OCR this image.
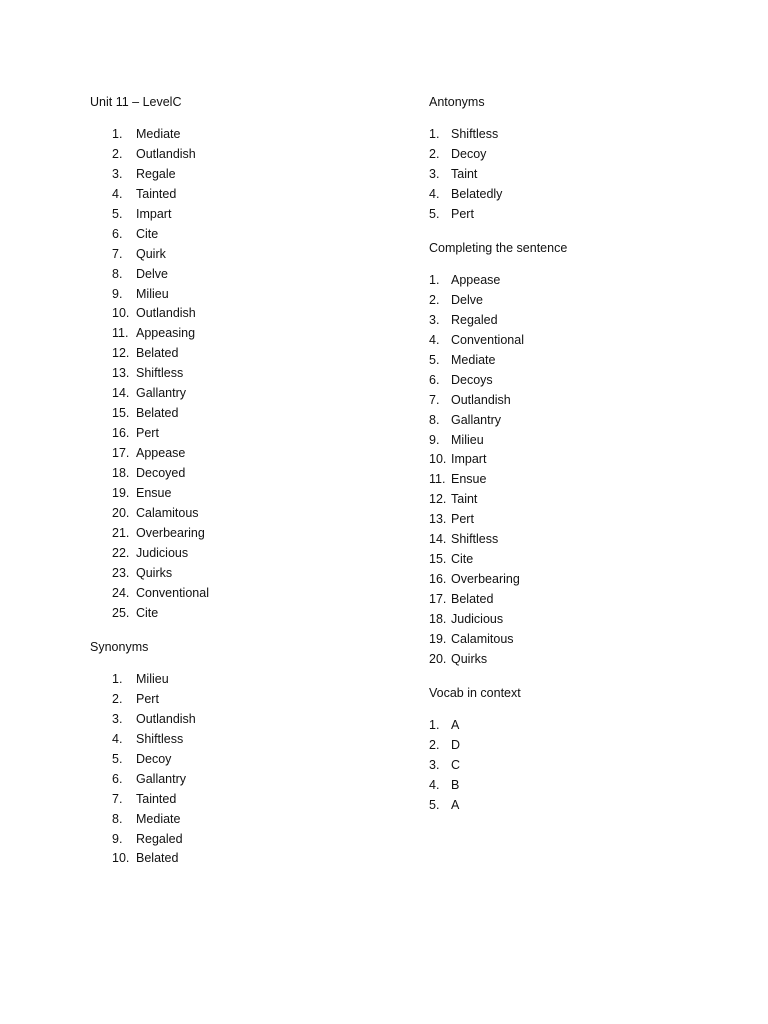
Unit 11 – LevelC
1. Mediate
2. Outlandish
3. Regale
4. Tainted
5. Impart
6. Cite
7. Quirk
8. Delve
9. Milieu
10. Outlandish
11. Appeasing
12. Belated
13. Shiftless
14. Gallantry
15. Belated
16. Pert
17. Appease
18. Decoyed
19. Ensue
20. Calamitous
21. Overbearing
22. Judicious
23. Quirks
24. Conventional
25. Cite
Synonyms
1. Milieu
2. Pert
3. Outlandish
4. Shiftless
5. Decoy
6. Gallantry
7. Tainted
8. Mediate
9. Regaled
10. Belated
Antonyms
1. Shiftless
2. Decoy
3. Taint
4. Belatedly
5. Pert
Completing the sentence
1. Appease
2. Delve
3. Regaled
4. Conventional
5. Mediate
6. Decoys
7. Outlandish
8. Gallantry
9. Milieu
10. Impart
11. Ensue
12. Taint
13. Pert
14. Shiftless
15. Cite
16. Overbearing
17. Belated
18. Judicious
19. Calamitous
20. Quirks
Vocab in context
1. A
2. D
3. C
4. B
5. A
